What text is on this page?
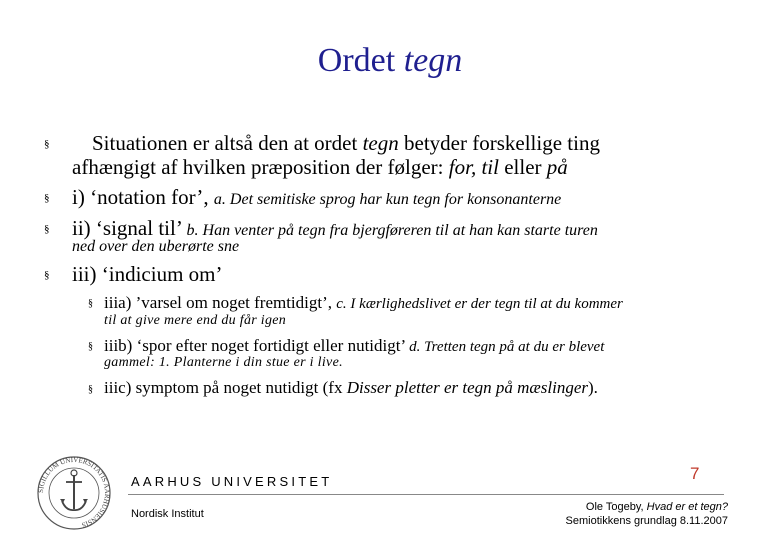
Ordet tegn
§ Situationen er altså den at ordet tegn betyder forskellige ting
afhængigt af hvilken præposition der følger: for, til eller på
§ i) ‘notation for’, a. Det semitiske sprog har kun tegn for konsonanterne
§ ii) ‘signal til’ b. Han venter på tegn fra bjergføreren til at han kan starte turen
ned over den uberørte sne
§ iii) ‘indicium om’
§ iiia) ’varsel om noget fremtidigt’, c. I kærlighedslivet er der tegn til at du kommer
til at give mere end du får igen
§ iiib) ‘spor efter noget fortidigt eller nutidigt’ d. Tretten tegn på at du er blevet
gammel: 1. Planterne i din stue er i live.
§ iiic) symptom på noget nutidigt (fx Disser pletter er tegn på mæslinger).
SIGILLUM UNIVERSITATIS AARHUSIENSIS
AARHUS UNIVERSITET
Nordisk Institut
7
Ole Togeby, Hvad er et tegn?
Semiotikkens grundlag 8.11.2007
